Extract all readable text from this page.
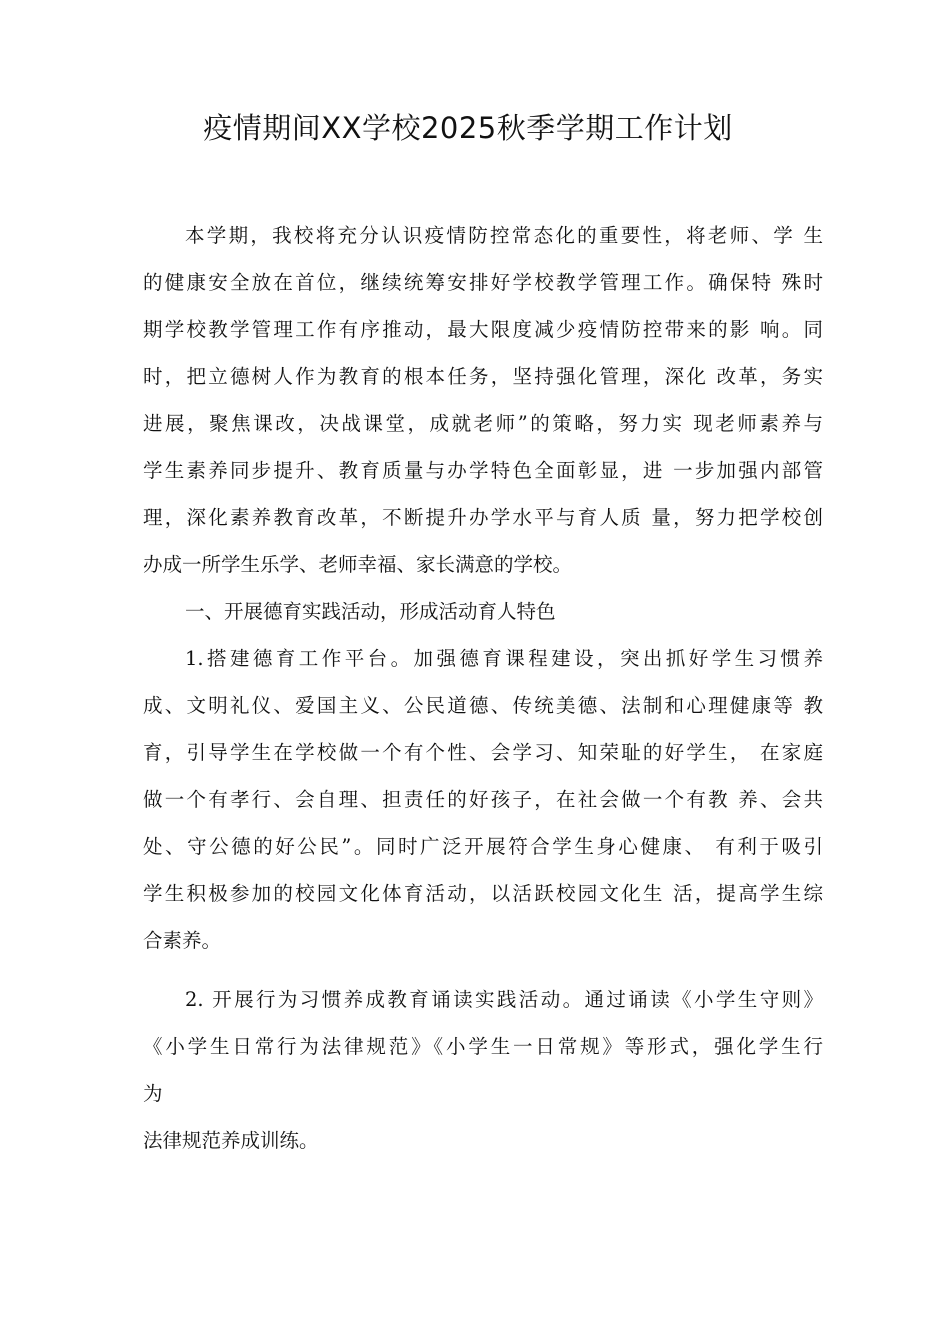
疫情期间XX学校2025秋季学期工作计划
本学期，我校将充分认识疫情防控常态化的重要性，将老师、学 生
的健康安全放在首位，继续统筹安排好学校教学管理工作。确保特 殊时
期学校教学管理工作有序推动，最大限度减少疫情防控带来的影 响。同
时，把立德树人作为教育的根本任务，坚持强化管理，深化 改革，务实
进展，聚焦课改，决战课堂，成就老师”的策略，努力实 现老师素养与
学生素养同步提升、教育质量与办学特色全面彰显，进 一步加强内部管
理，深化素养教育改革，不断提升办学水平与育人质 量，努力把学校创
办成一所学生乐学、老师幸福、家长满意的学校。
一、开展德育实践活动，形成活动育人特色
1.搭建德育工作平台。加强德育课程建设，突出抓好学生习惯养
成、文明礼仪、爱国主义、公民道德、传统美德、法制和心理健康等 教
育，引导学生在学校做一个有个性、会学习、知荣耻的好学生， 在家庭
做一个有孝行、会自理、担责任的好孩子，在社会做一个有教 养、会共
处、守公德的好公民”。同时广泛开展符合学生身心健康、 有利于吸引
学生积极参加的校园文化体育活动，以活跃校园文化生 活，提高学生综
合素养。
2. 开展行为习惯养成教育诵读实践活动。通过诵读《小学生守则》
《小学生日常行为法律规范》《小学生一日常规》等形式，强化学生行
为
法律规范养成训练。
